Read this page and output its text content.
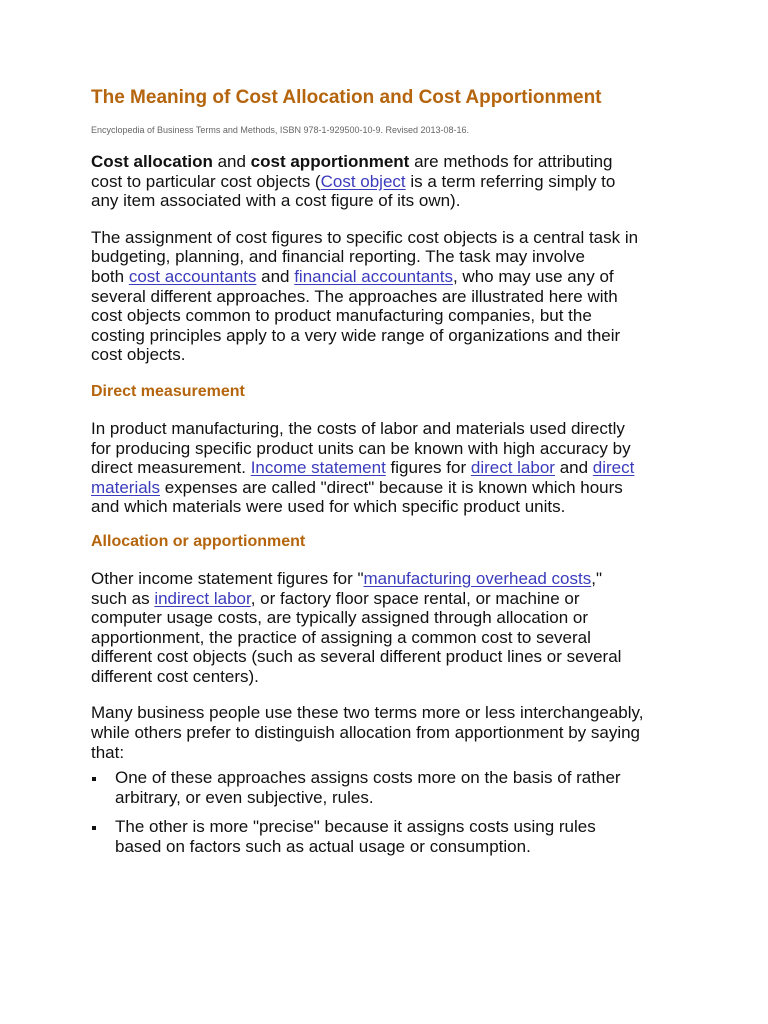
The Meaning of Cost Allocation and Cost Apportionment
Encyclopedia of Business Terms and Methods, ISBN 978-1-929500-10-9. Revised 2013-08-16.

Cost allocation and cost apportionment are methods for attributing
cost to particular cost objects (Cost object is a term referring simply to
any item associated with a cost figure of its own).

The assignment of cost figures to specific cost objects is a central task in
budgeting, planning, and financial reporting. The task may involve
both cost accountants and financial accountants, who may use any of
several different approaches. The approaches are illustrated here with
cost objects common to product manufacturing companies, but the
costing principles apply to a very wide range of organizations and their
cost objects.

Direct measurement

In product manufacturing, the costs of labor and materials used directly
for producing specific product units can be known with high accuracy by
direct measurement. Income statement figures for direct labor and direct
materials expenses are called "direct" because it is known which hours
and which materials were used for which specific product units.

Allocation or apportionment

Other income statement figures for "manufacturing overhead costs,"
such as indirect labor, or factory floor space rental, or machine or
computer usage costs, are typically assigned through allocation or
apportionment, the practice of assigning a common cost to several
different cost objects (such as several different product lines or several
different cost centers).

Many business people use these two terms more or less interchangeably,
while others prefer to distinguish allocation from apportionment by saying
that:

One of these approaches assigns costs more on the basis of rather
arbitrary, or even subjective, rules.
The other is more "precise" because it assigns costs using rules
based on factors such as actual usage or consumption.
